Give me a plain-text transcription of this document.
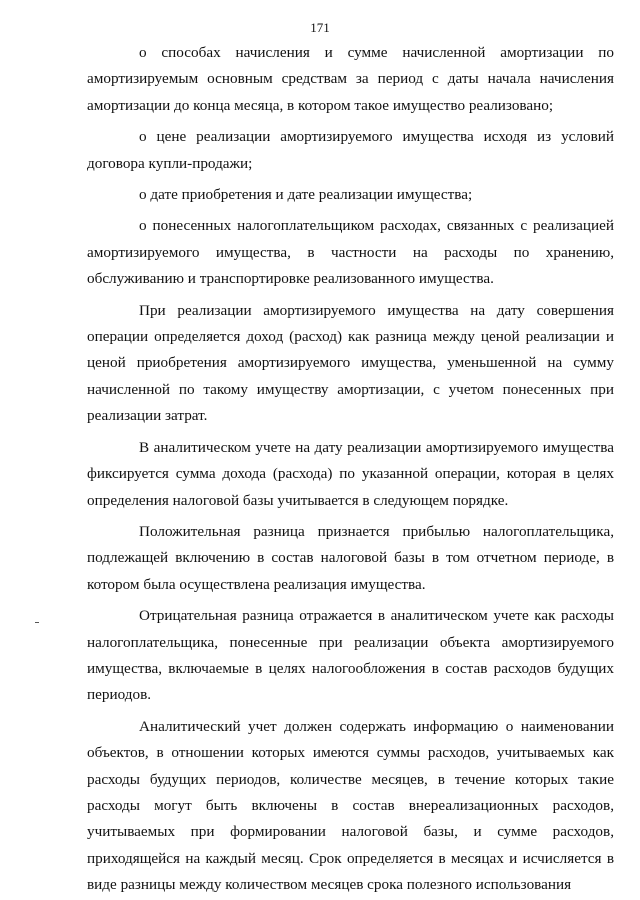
171

о способах начисления и сумме начисленной амортизации по амортизируемым основным средствам за период с даты начала начисления амортизации до конца месяца, в котором такое имущество реализовано;

о цене реализации амортизируемого имущества исходя из условий договора купли-продажи;

о дате приобретения и дате реализации имущества;

о понесенных налогоплательщиком расходах, связанных с реализацией амортизируемого имущества, в частности на расходы по хранению, обслуживанию и транспортировке реализованного имущества.

При реализации амортизируемого имущества на дату совершения операции определяется доход (расход) как разница между ценой реализации и ценой приобретения амортизируемого имущества, уменьшенной на сумму начисленной по такому имуществу амортизации, с учетом понесенных при реализации затрат.

В аналитическом учете на дату реализации амортизируемого имущества фиксируется сумма дохода (расхода) по указанной операции, которая в целях определения налоговой базы учитывается в следующем порядке.

Положительная разница признается прибылью налогоплательщика, подлежащей включению в состав налоговой базы в том отчетном периоде, в котором была осуществлена реализация имущества.

Отрицательная разница отражается в аналитическом учете как расходы налогоплательщика, понесенные при реализации объекта амортизируемого имущества, включаемые в целях налогообложения в состав расходов будущих периодов.

Аналитический учет должен содержать информацию о наименовании объектов, в отношении которых имеются суммы расходов, учитываемых как расходы будущих периодов, количестве месяцев, в течение которых такие расходы могут быть включены в состав внереализационных расходов, учитываемых при формировании налоговой базы, и сумме расходов, приходящейся на каждый месяц. Срок определяется в месяцах и исчисляется в виде разницы между количеством месяцев срока полезного использования
